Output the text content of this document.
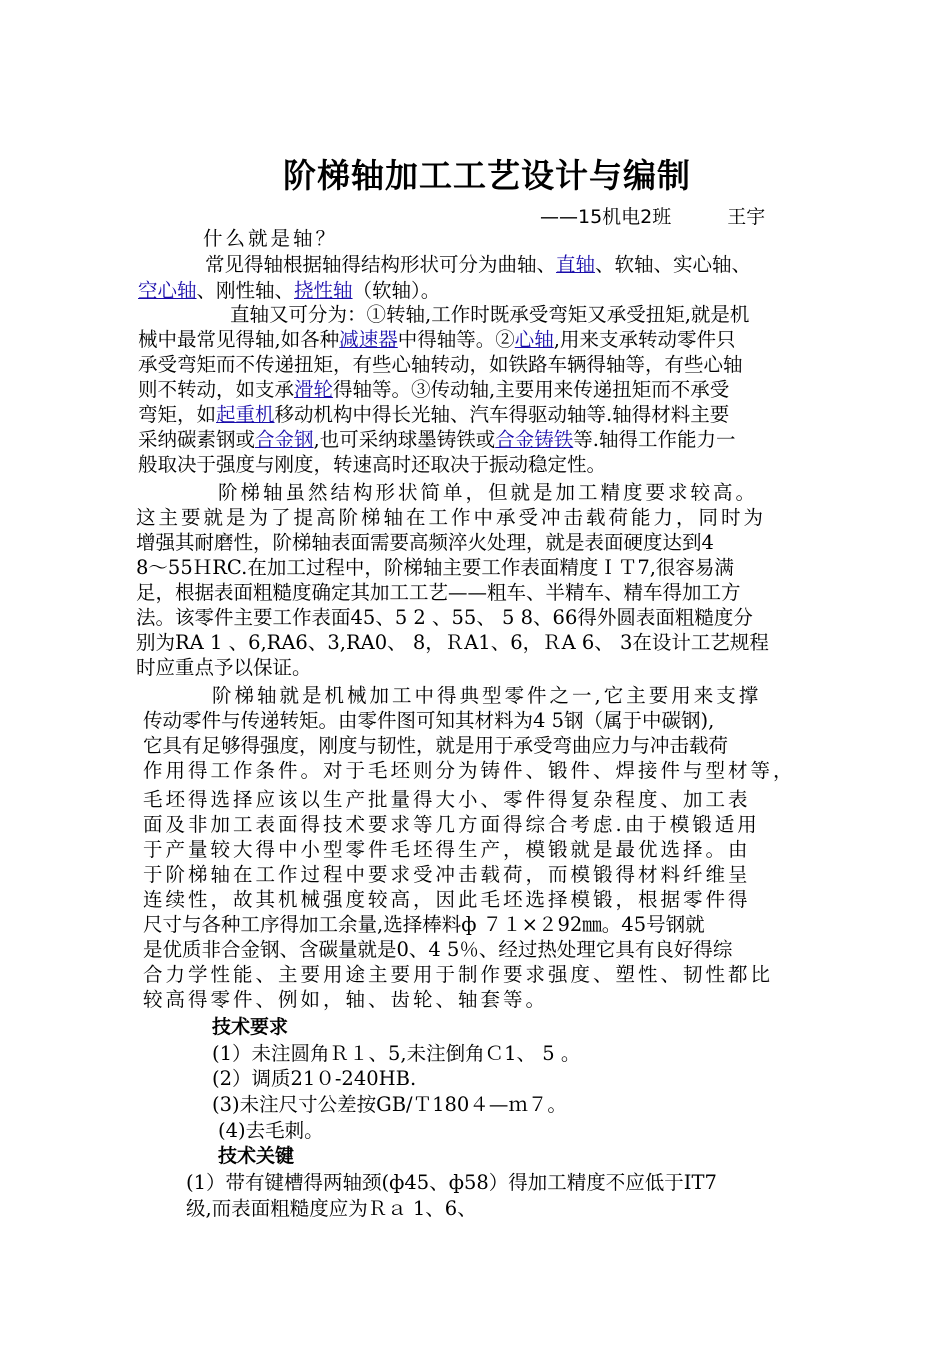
阶梯轴加工工艺设计与编制
——15机电2班	王宇
什么就是轴？
常见得轴根据轴得结构形状可分为曲轴、直轴、软轴、实心轴、
空心轴、刚性轴、挠性轴（软轴）。
直轴又可分为：①转轴,工作时既承受弯矩又承受扭矩,就是机
械中最常见得轴,如各种减速器中得轴等。②心轴,用来支承转动零件只
承受弯矩而不传递扭矩，有些心轴转动，如铁路车辆得轴等，有些心轴
则不转动，如支承滑轮得轴等。③传动轴,主要用来传递扭矩而不承受
弯矩，如起重机移动机构中得长光轴、汽车得驱动轴等.轴得材料主要
采纳碳素钢或合金钢,也可采纳球墨铸铁或合金铸铁等.轴得工作能力一
般取决于强度与刚度，转速高时还取决于振动稳定性。
阶梯轴虽然结构形状简单，但就是加工精度要求较高。
这主要就是为了提高阶梯轴在工作中承受冲击载荷能力，同时为
增强其耐磨性，阶梯轴表面需要高频淬火处理，就是表面硬度达到4
8～55ＨRC.在加工过程中，阶梯轴主要工作表面精度ＩＴ7,很容易满
足，根据表面粗糙度确定其加工工艺——粗车、半精车、精车得加工方
法。该零件主要工作表面45、5 2 、55、 5 8、66得外圆表面粗糙度分
别为RA 1 、6,RA6、3,RA0、 8，ＲA1、6，ＲA 6、 3在设计工艺规程
时应重点予以保证。
阶梯轴就是机械加工中得典型零件之一,它主要用来支撑
传动零件与传递转矩。由零件图可知其材料为4 5钢（属于中碳钢),
它具有足够得强度，刚度与韧性，就是用于承受弯曲应力与冲击载荷
作用得工作条件。对于毛坯则分为铸件、锻件、焊接件与型材等，
毛坯得选择应该以生产批量得大小、零件得复杂程度、加工表
面及非加工表面得技术要求等几方面得综合考虑.由于模锻适用
于产量较大得中小型零件毛坯得生产，模锻就是最优选择。由
于阶梯轴在工作过程中要求受冲击载荷，而模锻得材料纤维呈
连续性，故其机械强度较高，因此毛坯选择模锻，根据零件得
尺寸与各种工序得加工余量,选择棒料ф ７１×２92㎜。45号钢就
是优质非合金钢、含碳量就是0、4 5％、经过热处理它具有良好得综
合力学性能、主要用途主要用于制作要求强度、塑性、韧性都比
较高得零件、例如，轴、齿轮、轴套等。
技术要求
(1）未注圆角Ｒ１、5,未注倒角Ｃ1、 5 。
(2）调质21０-240HB.
(3)未注尺寸公差按GB/Ｔ180４—ｍ７。
(4)去毛刺。
技术关键
(1）带有键槽得两轴颈(ф45、ф58）得加工精度不应低于IT7
级,而表面粗糙度应为Ｒａ 1、6、
